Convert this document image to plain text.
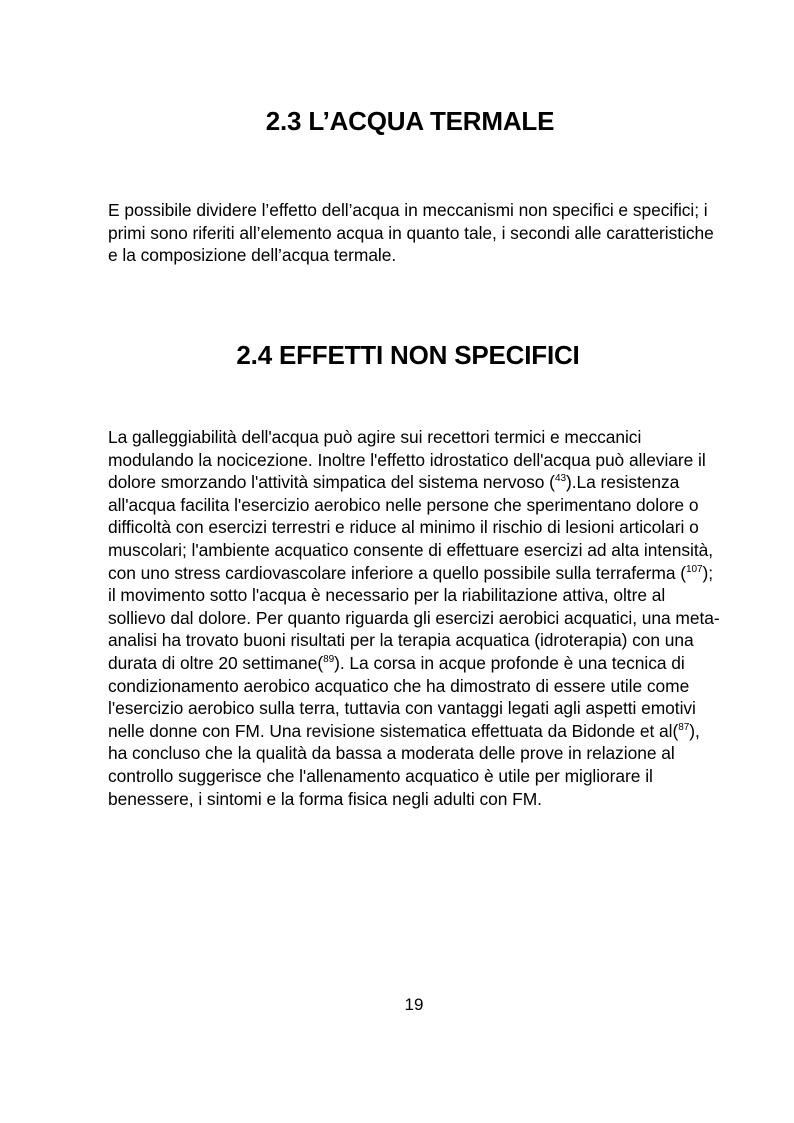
2.3 L’ACQUA TERMALE

E possibile dividere l’effetto dell’acqua in meccanismi non specifici e specifici; i primi sono riferiti all’elemento acqua in quanto tale, i secondi alle caratteristiche e la composizione dell’acqua termale.

2.4 EFFETTI NON SPECIFICI

La galleggiabilità dell'acqua può agire sui recettori termici e meccanici modulando la nocicezione. Inoltre l'effetto idrostatico dell'acqua può alleviare il dolore smorzando l'attività simpatica del sistema nervoso ($^{43}$).La resistenza all'acqua facilita l'esercizio aerobico nelle persone che sperimentano dolore o difficoltà con esercizi terrestri e riduce al minimo il rischio di lesioni articolari o muscolari; l'ambiente acquatico consente di effettuare esercizi ad alta intensità, con uno stress cardiovascolare inferiore a quello possibile sulla terraferma ($^{107}$); il movimento sotto l'acqua è necessario per la riabilitazione attiva, oltre al sollievo dal dolore. Per quanto riguarda gli esercizi aerobici acquatici, una meta-analisi ha trovato buoni risultati per la terapia acquatica (idroterapia) con una durata di oltre 20 settimane($^{89}$). La corsa in acque profonde è una tecnica di condizionamento aerobico acquatico che ha dimostrato di essere utile come l'esercizio aerobico sulla terra, tuttavia con vantaggi legati agli aspetti emotivi nelle donne con FM. Una revisione sistematica effettuata da Bidonde et al($^{87}$), ha concluso che la qualità da bassa a moderata delle prove in relazione al controllo suggerisce che l'allenamento acquatico è utile per migliorare il benessere, i sintomi e la forma fisica negli adulti con FM.

19
